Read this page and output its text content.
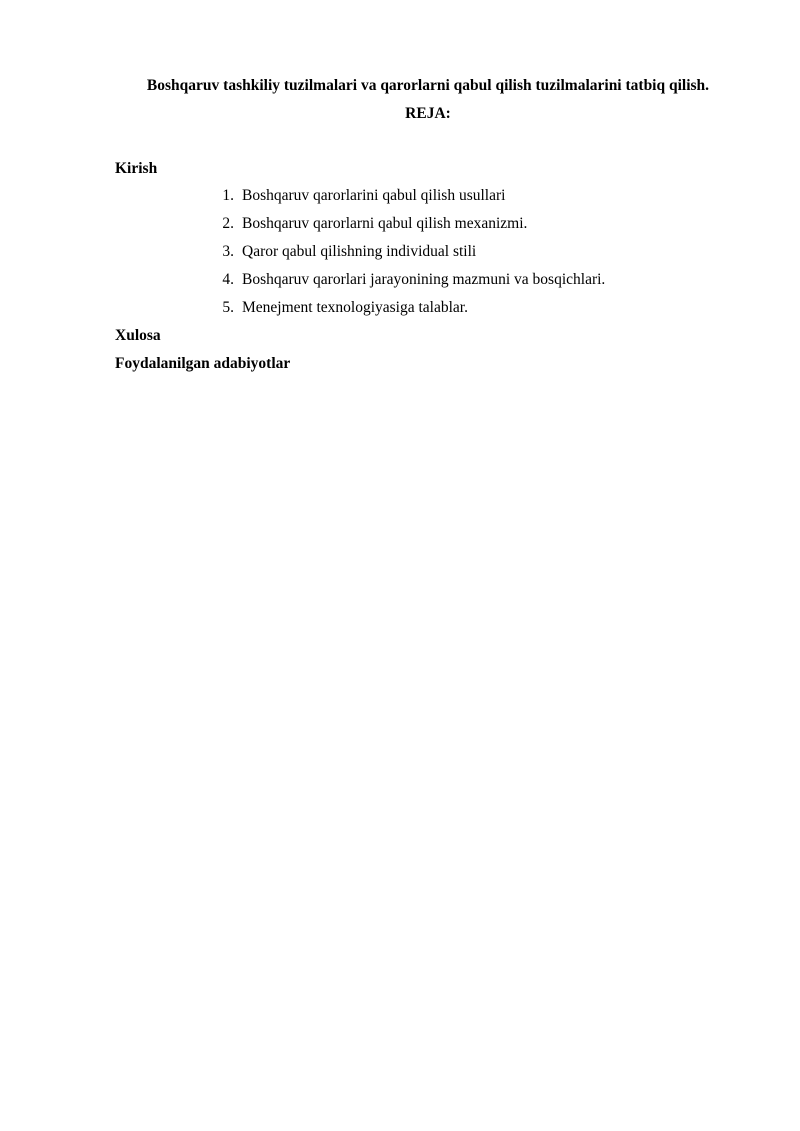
Boshqaruv tashkiliy tuzilmalari va qarorlarni qabul qilish tuzilmalarini tatbiq qilish.
REJA:
Kirish
1. Boshqaruv qarorlarini qabul qilish usullari
2. Boshqaruv qarorlarni qabul qilish mexanizmi.
3. Qaror qabul qilishning individual stili
4. Boshqaruv qarorlari jarayonining mazmuni va bosqichlari.
5. Menejment texnologiyasiga talablar.
Xulosa
Foydalanilgan adabiyotlar
